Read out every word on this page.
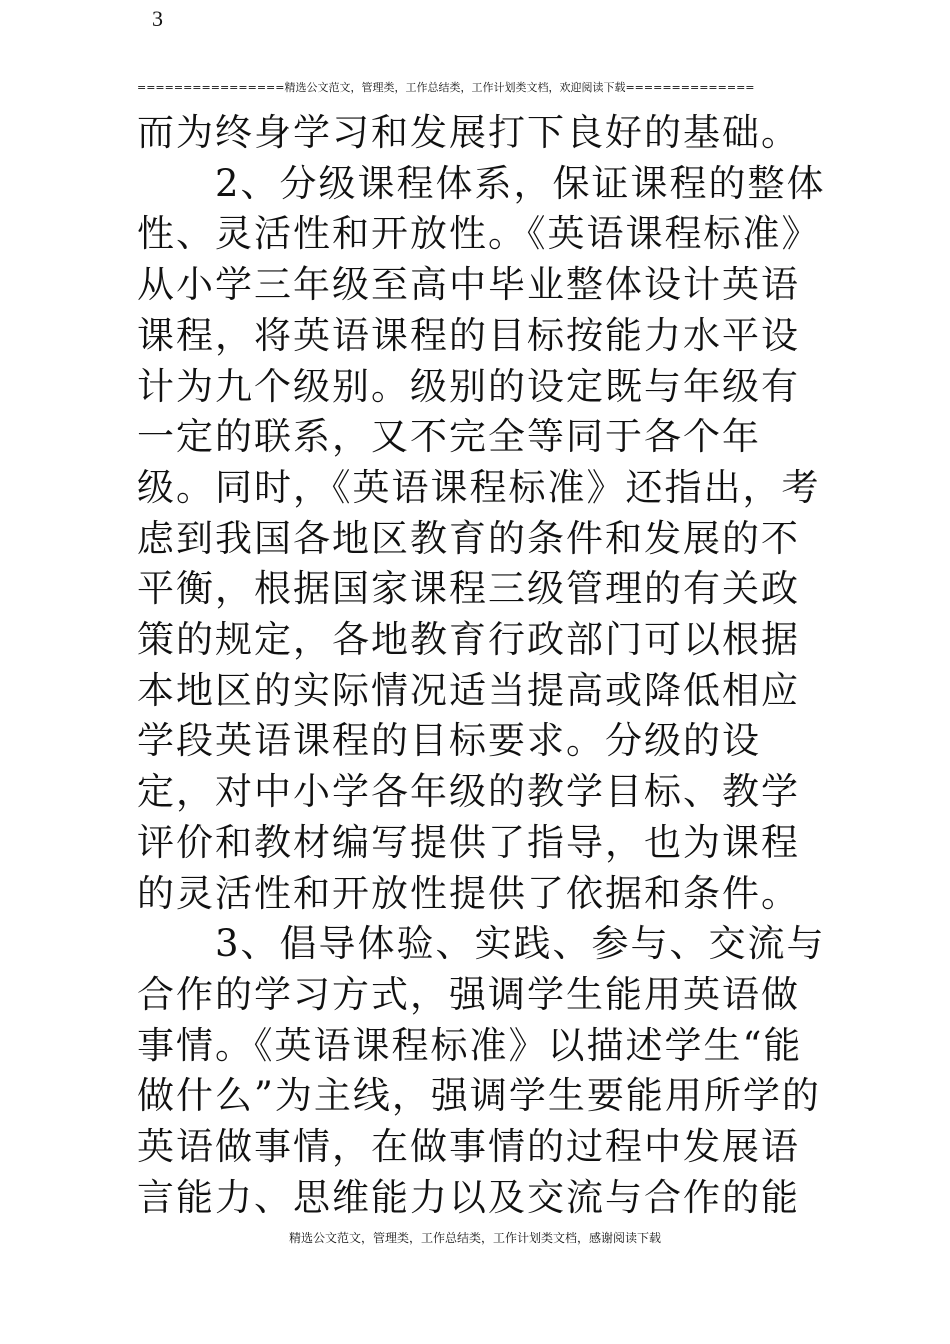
3
================精选公文范文，管理类，工作总结类，工作计划类文档，欢迎阅读下载==============

而为终身学习和发展打下良好的基础。

2、分级课程体系，保证课程的整体性、灵活性和开放性。《英语课程标准》从小学三年级至高中毕业整体设计英语课程，将英语课程的目标按能力水平设计为九个级别。级别的设定既与年级有一定的联系，又不完全等同于各个年级。同时，《英语课程标准》还指出，考虑到我国各地区教育的条件和发展的不平衡，根据国家课程三级管理的有关政策的规定，各地教育行政部门可以根据本地区的实际情况适当提高或降低相应学段英语课程的目标要求。分级的设定，对中小学各年级的教学目标、教学评价和教材编写提供了指导，也为课程的灵活性和开放性提供了依据和条件。

3、倡导体验、实践、参与、交流与合作的学习方式，强调学生能用英语做事情。《英语课程标准》以描述学生“能做什么”为主线，强调学生要能用所学的英语做事情，在做事情的过程中发展语言能力、思维能力以及交流与合作的能

精选公文范文，管理类，工作总结类，工作计划类文档，感谢阅读下载
